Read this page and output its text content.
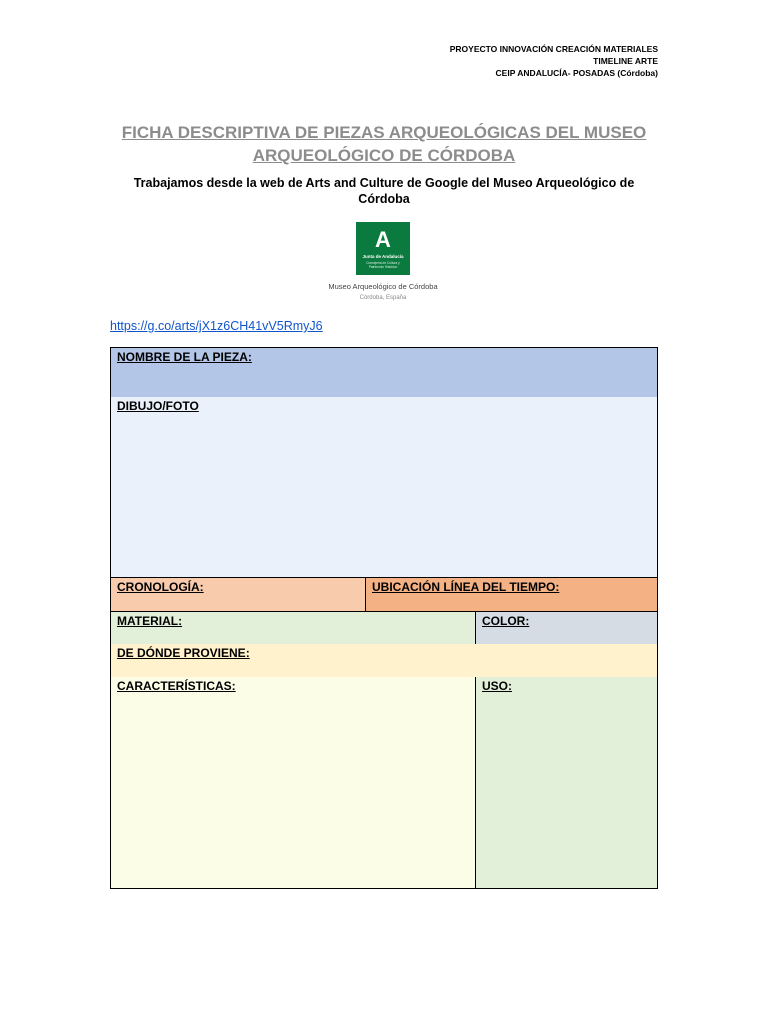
PROYECTO INNOVACIÓN CREACIÓN MATERIALES
TIMELINE ARTE
CEIP ANDALUCÍA- POSADAS (Córdoba)
FICHA DESCRIPTIVA DE PIEZAS ARQUEOLÓGICAS DEL MUSEO
ARQUEOLÓGICO DE CÓRDOBA
Trabajamos desde la web de Arts and Culture de Google del Museo Arqueológico de Córdoba
A
Junta de Andalucía
Consejería de Cultura y Patrimonio Histórico
Museo Arqueológico de Córdoba
Córdoba, España
https://g.co/arts/jX1z6CH41vV5RmyJ6
NOMBRE DE LA PIEZA:
DIBUJO/FOTO
CRONOLOGÍA:	UBICACIÓN LÍNEA DEL TIEMPO:
MATERIAL:	COLOR:
DE DÓNDE PROVIENE:
CARACTERÍSTICAS:	USO:
